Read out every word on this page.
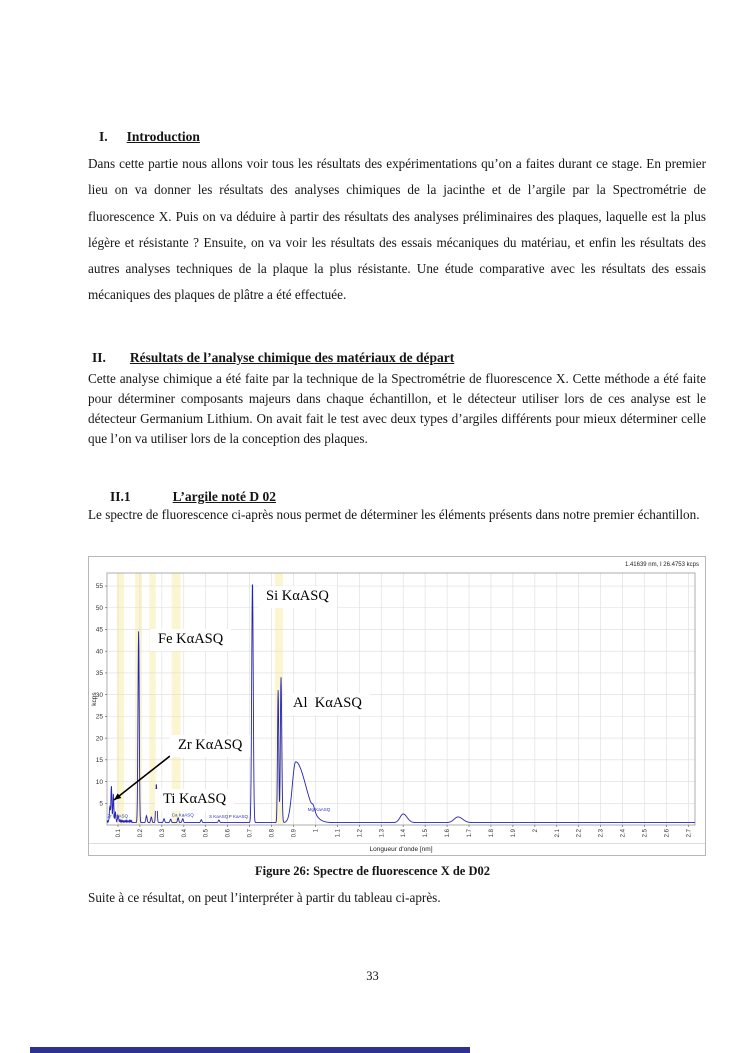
I. Introduction

Dans cette partie nous allons voir tous les résultats des expérimentations qu’on a faites durant ce stage. En premier lieu on va donner les résultats des analyses chimiques de la jacinthe et de l’argile par la Spectrométrie de fluorescence X. Puis on va déduire à partir des résultats des analyses préliminaires des plaques, laquelle est la plus légère et résistante ? Ensuite, on va voir les résultats des essais mécaniques du matériau, et enfin les résultats des autres analyses techniques de la plaque la plus résistante. Une étude comparative avec les résultats des essais mécaniques des plaques de plâtre a été effectuée.

II. Résultats de l’analyse chimique des matériaux de départ

Cette analyse chimique a été faite par la technique de la Spectrométrie de fluorescence X. Cette méthode a été faite pour déterminer composants majeurs dans chaque échantillon, et le détecteur utiliser lors de ces analyse est le détecteur Germanium Lithium. On avait fait le test avec deux types d’argiles différents pour mieux déterminer celle que l’on va utiliser lors de la conception des plaques.

II.1	L’argile noté D 02

Le spectre de fluorescence ci-après nous permet de déterminer les éléments présents dans notre premier échantillon.

0.1	0.2	0.3	0.4	0.5	0.6	0.7	0.8	0.9	1	1.1	1.2	1.3	1.4	1.5	1.6	1.7	1.8	1.9	2	2.1	2.2	2.3	2.4	2.5	2.6	2.7
5
10
15
20
25
30
35
40
45
50
55
Longueur d'onde [nm]
kcps
1.41639 nm, I 26.4753 kcps
Zr KaASQ	Ca KaASQ	S KaASQ P KaASQ
Mg KaASQ
Si KαASQ
Fe KαASQ
Al  KαASQ
Zr KαASQ
Ti KαASQ
Figure 26: Spectre de fluorescence X de D02

Suite à ce résultat, on peut l’interpréter à partir du tableau ci-après.

33
